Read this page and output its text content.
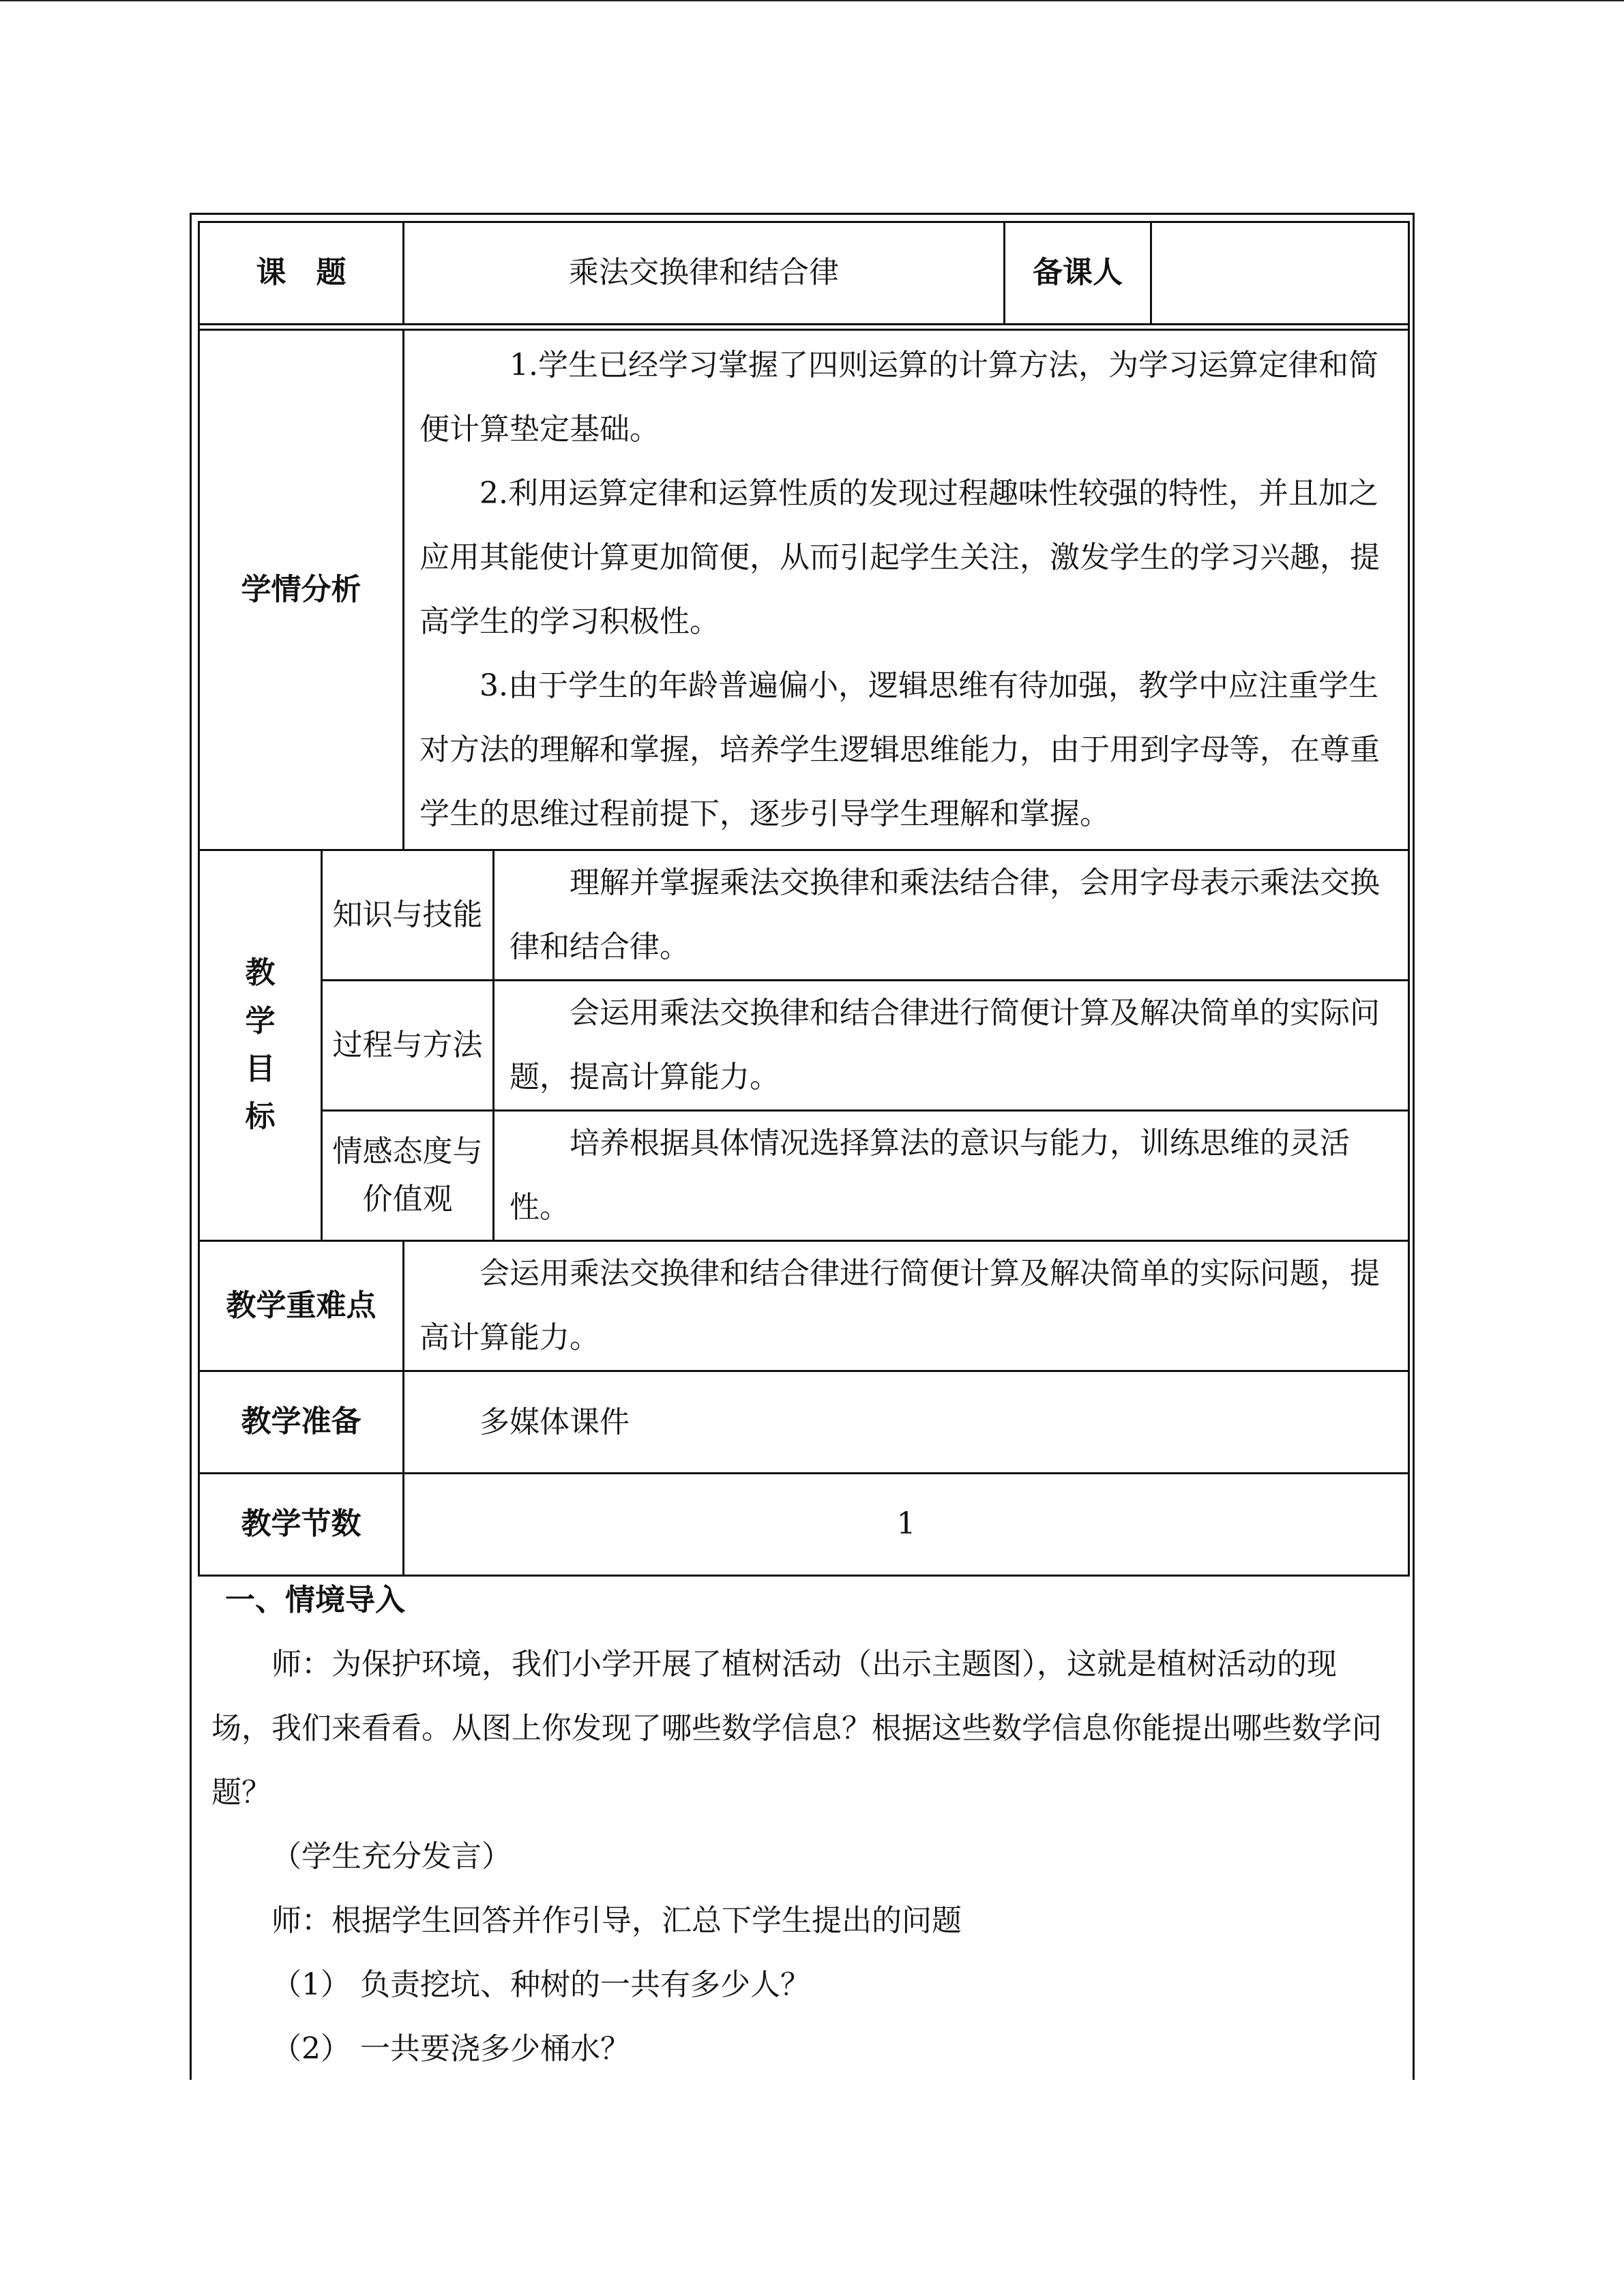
课　题		乘法交换律和结合律		备课人	

学情分析		1.学生已经学习掌握了四则运算的计算方法，为学习运算定律和简便计算垫定基础。

2.利用运算定律和运算性质的发现过程趣味性较强的特性，并且加之应用其能使计算更加简便，从而引起学生关注，激发学生的学习兴趣，提高学生的学习积极性。

3.由于学生的年龄普遍偏小，逻辑思维有待加强，教学中应注重学生对方法的理解和掌握，培养学生逻辑思维能力，由于用到字母等，在尊重学生的思维过程前提下，逐步引导学生理解和掌握。			

教
学
目
标	知识与技能		理解并掌握乘法交换律和乘法结合律，会用字母表示乘法交换律和结合律。		

	过程与方法		会运用乘法交换律和结合律进行简便计算及解决简单的实际问题，提高计算能力。		

	情感态度与
价值观		培养根据具体情况选择算法的意识与能力，训练思维的灵活性。		

教学重难点		会运用乘法交换律和结合律进行简便计算及解决简单的实际问题，提高计算能力。			

教学准备		多媒体课件			

教学节数		1			

一、情境导入

师：为保护环境，我们小学开展了植树活动（出示主题图），这就是植树活动的现场，我们来看看。从图上你发现了哪些数学信息？根据这些数学信息你能提出哪些数学问题？

（学生充分发言）

师：根据学生回答并作引导，汇总下学生提出的问题

（1） 负责挖坑、种树的一共有多少人？

（2） 一共要浇多少桶水？
